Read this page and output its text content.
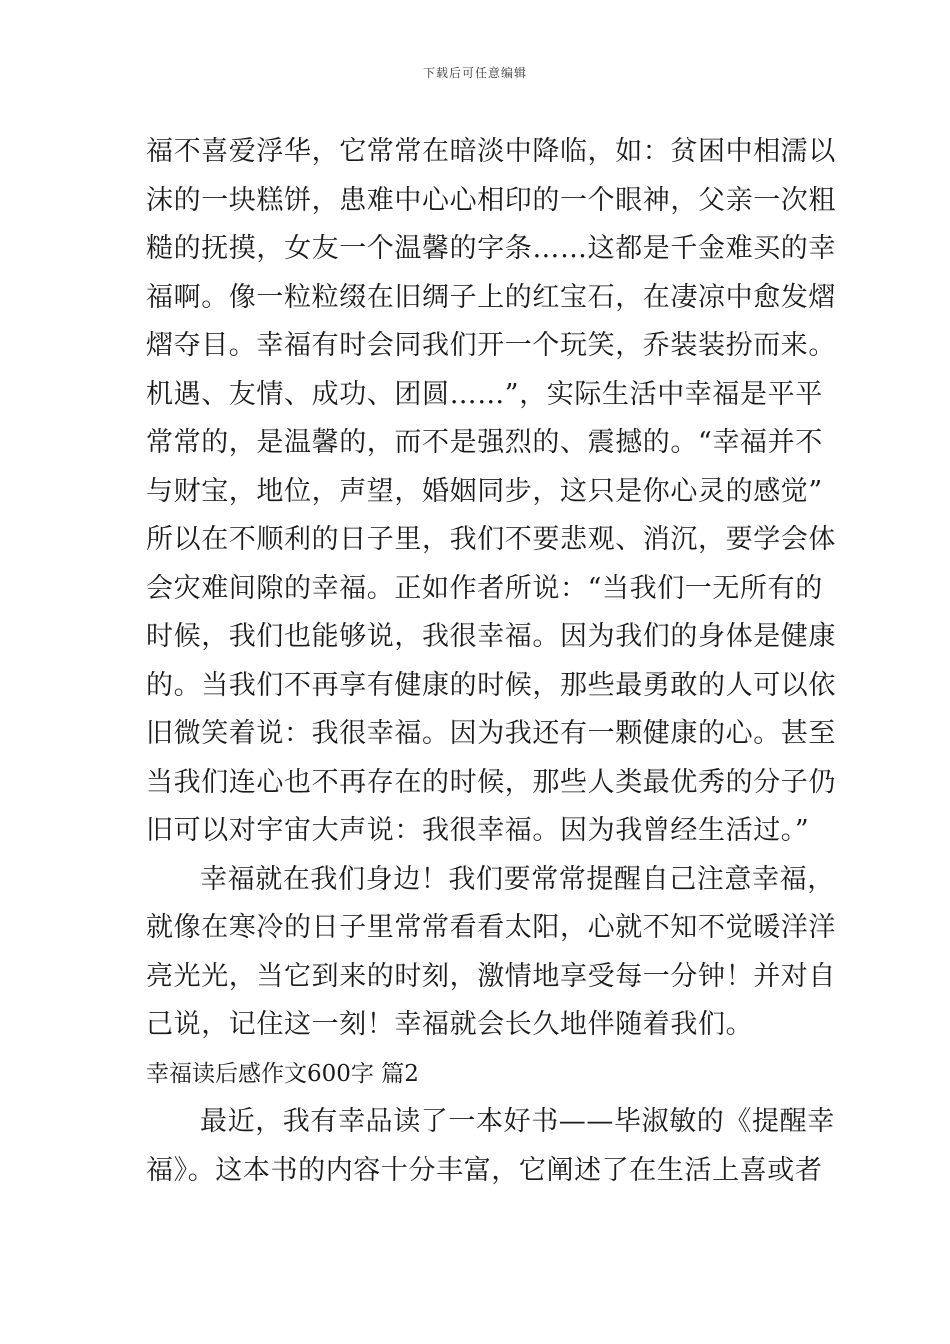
下载后可任意编辑
福不喜爱浮华，它常常在暗淡中降临，如：贫困中相濡以
沫的一块糕饼，患难中心心相印的一个眼神，父亲一次粗
糙的抚摸，女友一个温馨的字条……这都是千金难买的幸
福啊。像一粒粒缀在旧绸子上的红宝石，在凄凉中愈发熠
熠夺目。幸福有时会同我们开一个玩笑，乔装装扮而来。
机遇、友情、成功、团圆……”，实际生活中幸福是平平
常常的，是温馨的，而不是强烈的、震撼的。“幸福并不
与财宝，地位，声望，婚姻同步，这只是你心灵的感觉”
所以在不顺利的日子里，我们不要悲观、消沉，要学会体
会灾难间隙的幸福。正如作者所说：“当我们一无所有的
时候，我们也能够说，我很幸福。因为我们的身体是健康
的。当我们不再享有健康的时候，那些最勇敢的人可以依
旧微笑着说：我很幸福。因为我还有一颗健康的心。甚至
当我们连心也不再存在的时候，那些人类最优秀的分子仍
旧可以对宇宙大声说：我很幸福。因为我曾经生活过。”
幸福就在我们身边！我们要常常提醒自己注意幸福，
就像在寒冷的日子里常常看看太阳，心就不知不觉暖洋洋
亮光光，当它到来的时刻，激情地享受每一分钟！并对自
己说，记住这一刻！幸福就会长久地伴随着我们。
幸福读后感作文600字 篇2
最近，我有幸品读了一本好书——毕淑敏的《提醒幸
福》。这本书的内容十分丰富，它阐述了在生活上喜或者
